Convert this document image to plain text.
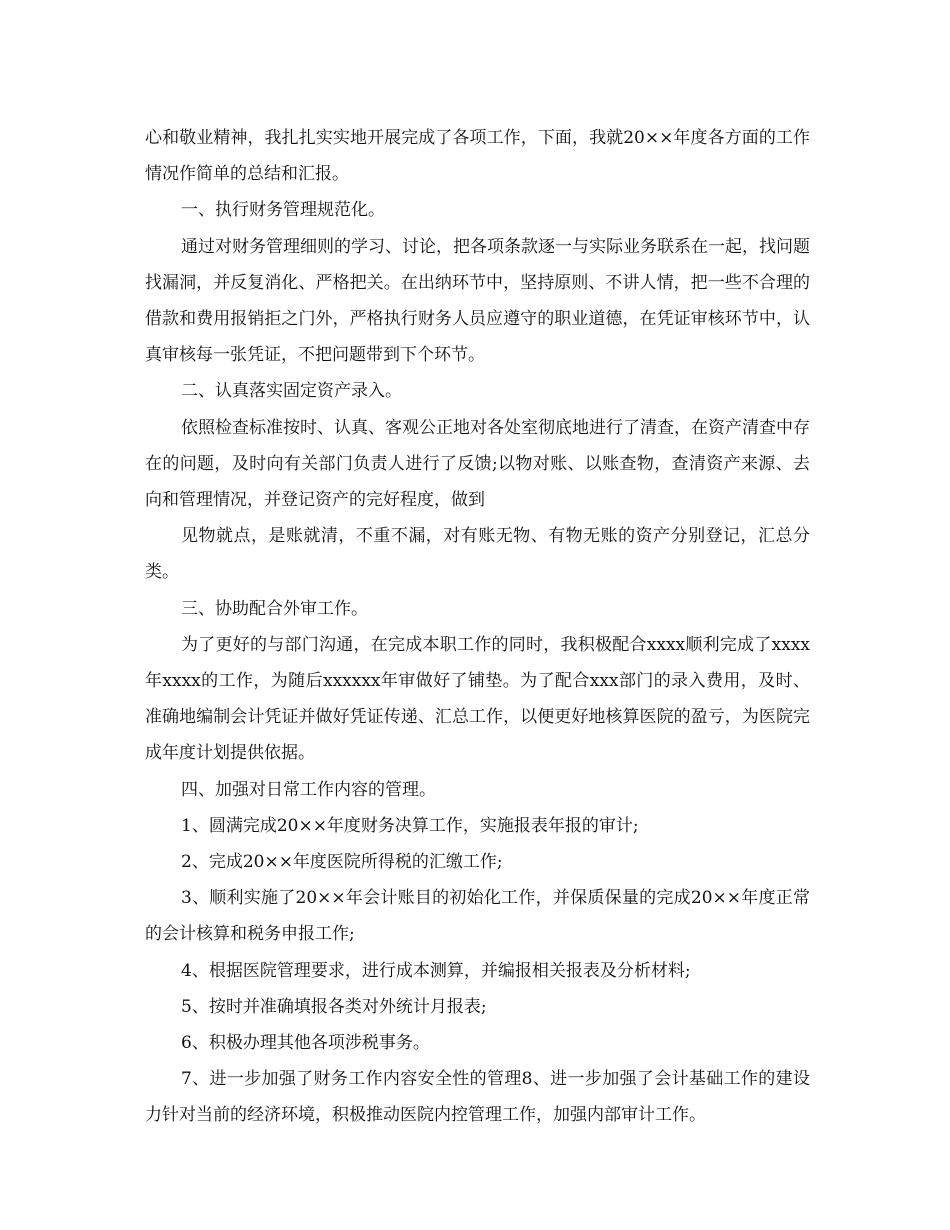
心和敬业精神，我扎扎实实地开展完成了各项工作，下面，我就20××年度各方面的工作情况作简单的总结和汇报。

一、执行财务管理规范化。

通过对财务管理细则的学习、讨论，把各项条款逐一与实际业务联系在一起，找问题找漏洞，并反复消化、严格把关。在出纳环节中，坚持原则、不讲人情，把一些不合理的借款和费用报销拒之门外，严格执行财务人员应遵守的职业道德，在凭证审核环节中，认真审核每一张凭证，不把问题带到下个环节。

二、认真落实固定资产录入。

依照检查标准按时、认真、客观公正地对各处室彻底地进行了清查，在资产清查中存在的问题，及时向有关部门负责人进行了反馈;以物对账、以账查物，查清资产来源、去向和管理情况，并登记资产的完好程度，做到

见物就点，是账就清，不重不漏，对有账无物、有物无账的资产分别登记，汇总分类。

三、协助配合外审工作。

为了更好的与部门沟通，在完成本职工作的同时，我积极配合xxxx顺利完成了xxxx年xxxx的工作，为随后xxxxxx年审做好了铺垫。为了配合xxx部门的录入费用，及时、准确地编制会计凭证并做好凭证传递、汇总工作，以便更好地核算医院的盈亏，为医院完成年度计划提供依据。

四、加强对日常工作内容的管理。

1、圆满完成20××年度财务决算工作，实施报表年报的审计;

2、完成20××年度医院所得税的汇缴工作;

3、顺利实施了20××年会计账目的初始化工作，并保质保量的完成20××年度正常的会计核算和税务申报工作;

4、根据医院管理要求，进行成本测算，并编报相关报表及分析材料;

5、按时并准确填报各类对外统计月报表;

6、积极办理其他各项涉税事务。

7、进一步加强了财务工作内容安全性的管理8、进一步加强了会计基础工作的建设力针对当前的经济环境，积极推动医院内控管理工作，加强内部审计工作。
